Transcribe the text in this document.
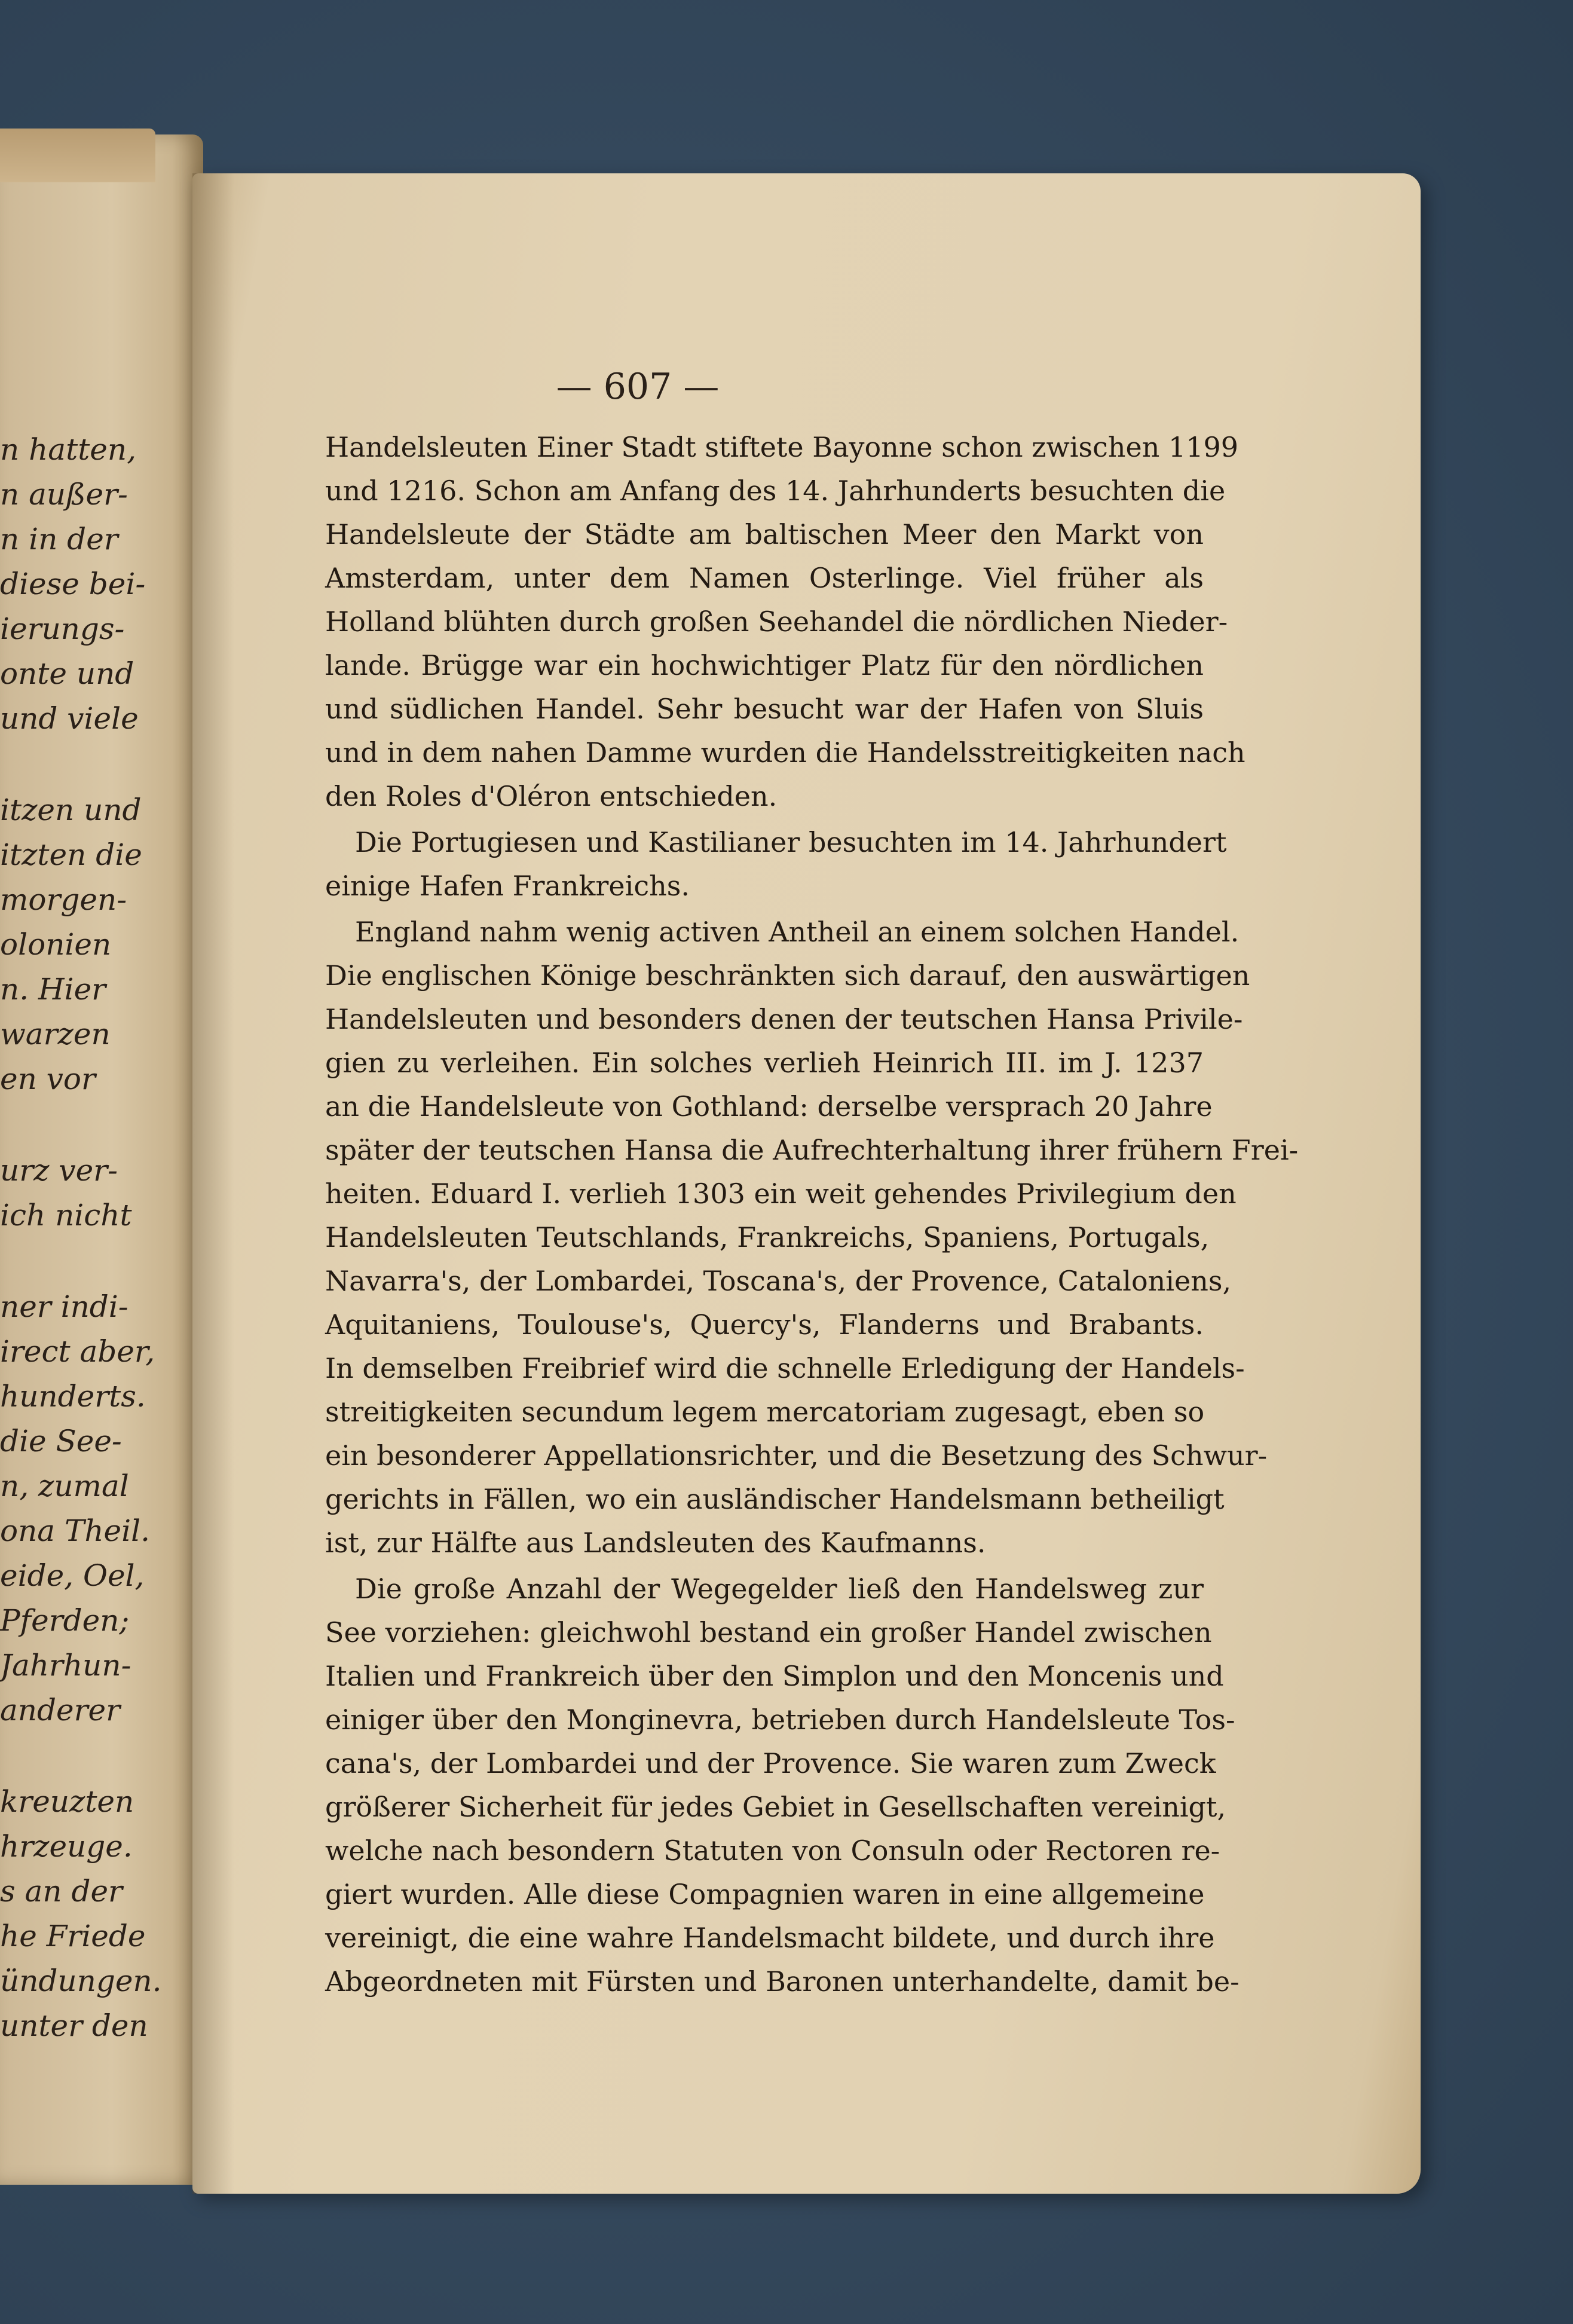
n hatten,
n außer-
n in der
diese bei-
ierungs-
onte und
und viele
itzen und
itzten die
morgen-
olonien
n. Hier
warzen
en vor
urz ver-
ich nicht
ner indi-
irect aber,
hunderts.
die See-
n, zumal
ona Theil.
eide, Oel,
Pferden;
Jahrhun-
anderer
kreuzten
hrzeuge.
s an der
he Friede
ündungen.
unter den
— 607 —
Handelsleuten Einer Stadt stiftete Bayonne schon zwischen 1199
und 1216. Schon am Anfang des 14. Jahrhunderts besuchten die
Handelsleute der Städte am baltischen Meer den Markt von
Amsterdam, unter dem Namen Osterlinge. Viel früher als
Holland blühten durch großen Seehandel die nördlichen Nieder-
lande. Brügge war ein hochwichtiger Platz für den nördlichen
und südlichen Handel. Sehr besucht war der Hafen von Sluis
und in dem nahen Damme wurden die Handelsstreitigkeiten nach
den Roles d'Oléron entschieden.
Die Portugiesen und Kastilianer besuchten im 14. Jahrhundert
einige Hafen Frankreichs.
England nahm wenig activen Antheil an einem solchen Handel.
Die englischen Könige beschränkten sich darauf, den auswärtigen
Handelsleuten und besonders denen der teutschen Hansa Privile-
gien zu verleihen. Ein solches verlieh Heinrich III. im J. 1237
an die Handelsleute von Gothland: derselbe versprach 20 Jahre
später der teutschen Hansa die Aufrechterhaltung ihrer frühern Frei-
heiten. Eduard I. verlieh 1303 ein weit gehendes Privilegium den
Handelsleuten Teutschlands, Frankreichs, Spaniens, Portugals,
Navarra's, der Lombardei, Toscana's, der Provence, Cataloniens,
Aquitaniens, Toulouse's, Quercy's, Flanderns und Brabants.
In demselben Freibrief wird die schnelle Erledigung der Handels-
streitigkeiten secundum legem mercatoriam zugesagt, eben so
ein besonderer Appellationsrichter, und die Besetzung des Schwur-
gerichts in Fällen, wo ein ausländischer Handelsmann betheiligt
ist, zur Hälfte aus Landsleuten des Kaufmanns.
Die große Anzahl der Wegegelder ließ den Handelsweg zur
See vorziehen: gleichwohl bestand ein großer Handel zwischen
Italien und Frankreich über den Simplon und den Moncenis und
einiger über den Monginevra, betrieben durch Handelsleute Tos-
cana's, der Lombardei und der Provence. Sie waren zum Zweck
größerer Sicherheit für jedes Gebiet in Gesellschaften vereinigt,
welche nach besondern Statuten von Consuln oder Rectoren re-
giert wurden. Alle diese Compagnien waren in eine allgemeine
vereinigt, die eine wahre Handelsmacht bildete, und durch ihre
Abgeordneten mit Fürsten und Baronen unterhandelte, damit be-
